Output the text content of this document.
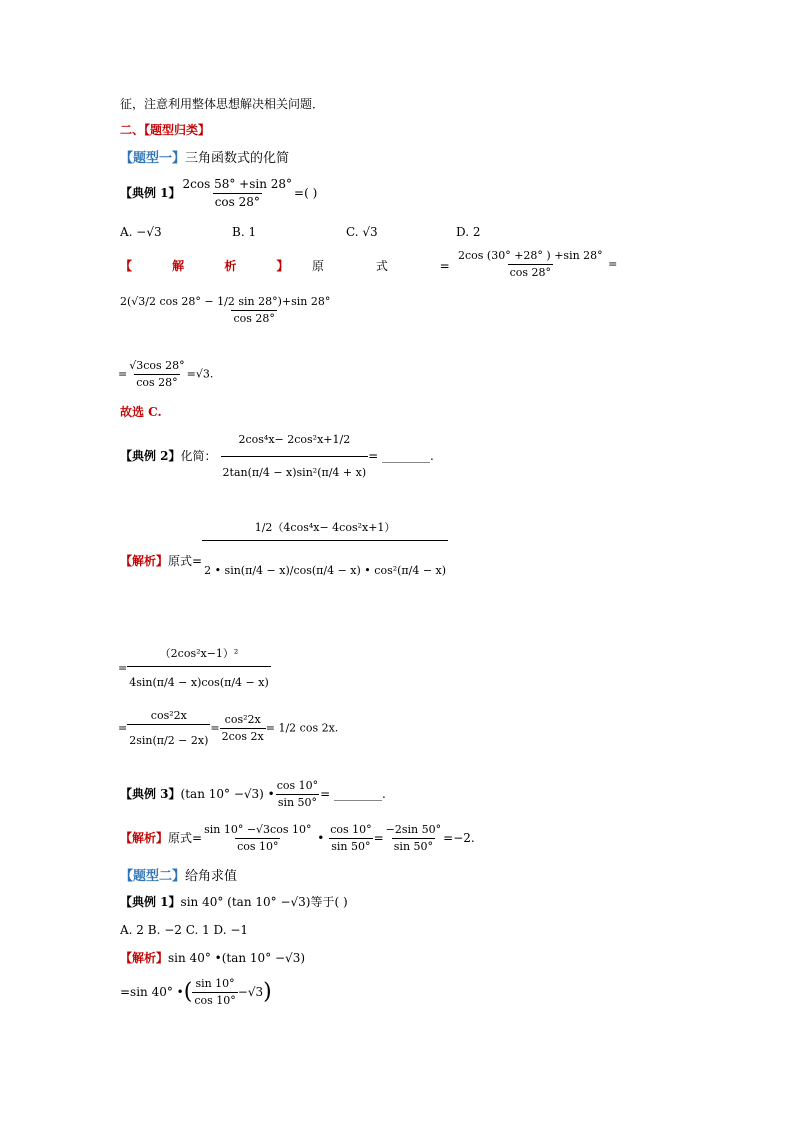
征，注意利用整体思想解决相关问题．
二、【题型归类】
【题型一】三角函数式的化简
【典例 1】 $\frac{2\cos 58^\circ +\sin 28^\circ}{\cos 28^\circ}$ =( )
A. −√3	B. 1	C. √3	D. 2
【 解 析 】 原 式 =
$\frac{2\cos (30^\circ +28^\circ ) +\sin 28^\circ}{\cos 28^\circ}$ =
$\frac{2(√3/2 \cos 28^\circ - 1/2 \sin 28^\circ)+\sin 28^\circ}{\cos 28^\circ}$
= $\frac{√3\cos 28^\circ}{\cos 28^\circ} =√3$.
故选 C.
【典例 2】化简： $\frac{\text{2cos⁴x− 2cos²x+1/2}}{\text{2tan(π/4 − x)sin²(π/4 + x)}}$ = ________.
【解析】原式= $\frac{\text{1/2（4cos⁴x− 4cos²x+1）}}{\text{2 • sin(π/4 − x)/cos(π/4 − x) • cos²(π/4 − x)}}$
= $\frac{\text{（2cos²x−1）²}}{4\sin(\pi/4 - x)\cos(\pi/4 - x)}$
= $\frac{\text{cos²2x}}{2\sin(\pi/2 - 2x)} = \frac{\text{cos²2x}}{2\cos 2x} = 1/2$ cos 2x.
【典例 3】(tan 10° −√3) • $\frac{\cos 10^\circ}{\sin 50^\circ}$ = ________.
【解析】原式= $\frac{\sin 10^\circ -√3\cos 10^\circ}{\cos 10^\circ}$ • $\frac{\cos 10^\circ}{\sin 50^\circ} = \frac{-2\sin 50^\circ}{\sin 50^\circ} =-2$.
【题型二】给角求值
【典例 1】sin 40° (tan 10° −√3)等于( )
A. 2 B. −2 C. 1 D. −1
【解析】sin 40° •(tan 10° −√3)
=sin 40° •( $\frac{\sin 10^\circ}{\cos 10^\circ} -√3$)
